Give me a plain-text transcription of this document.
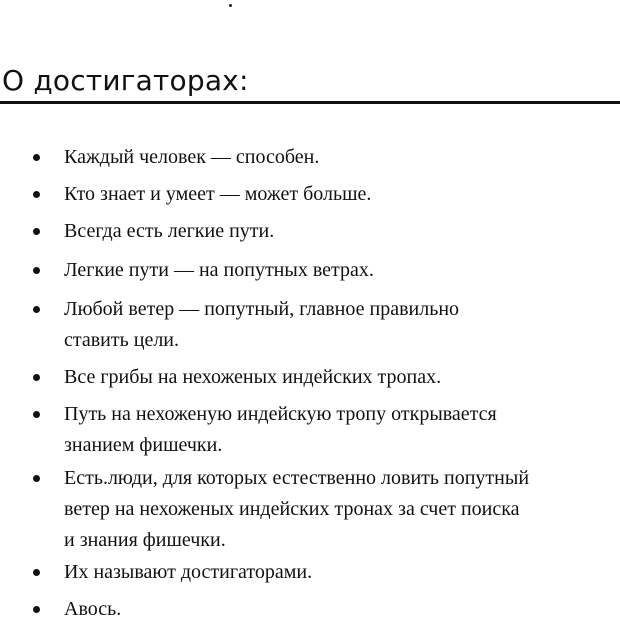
О достигаторах:

Каждый человек — способен.

Кто знает и умеет — может больше.

Всегда есть легкие пути.

Легкие пути — на попутных ветрах.

Любой ветер — попутный, главное правильно
ставить цели.

Все грибы на нехоженых индейских тропах.

Путь на нехоженую индейскую тропу открывается
знанием фишечки.

Есть.люди, для которых естественно ловить попутный
ветер на нехоженых индейских тронах за счет поиска
и знания фишечки.

Их называют достигаторами.

Авось.
